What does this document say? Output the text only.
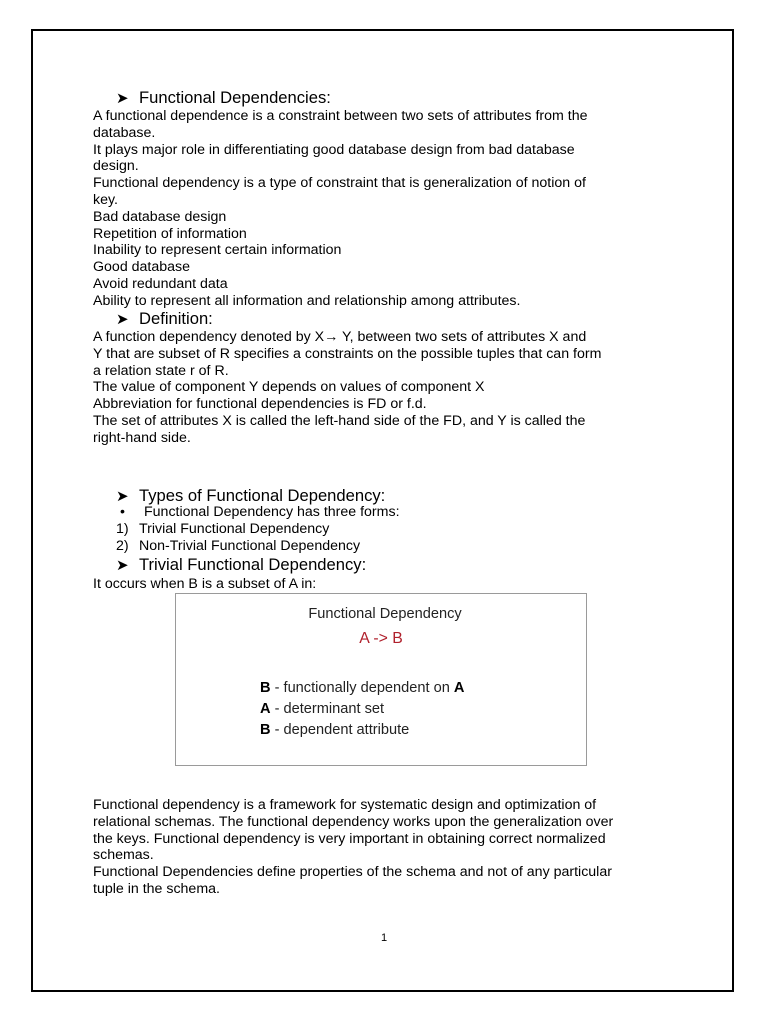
➤ Functional Dependencies:
A functional dependence is a constraint between two sets of attributes from the
database.
It plays major role in differentiating good database design from bad database
design.
Functional dependency is a type of constraint that is generalization of notion of
key.
Bad database design
Repetition of information
Inability to represent certain information
Good database
Avoid redundant data
Ability to represent all information and relationship among attributes.
➤ Definition:
A function dependency denoted by X→ Y, between two sets of attributes X and
Y that are subset of R specifies a constraints on the possible tuples that can form
a relation state r of R.
The value of component Y depends on values of component X
Abbreviation for functional dependencies is FD or f.d.
The set of attributes X is called the left-hand side of the FD, and Y is called the
right-hand side.
➤ Types of Functional Dependency:
• Functional Dependency has three forms:
1) Trivial Functional Dependency
2) Non-Trivial Functional Dependency
➤ Trivial Functional Dependency:
It occurs when B is a subset of A in:
Functional Dependency
A -> B
B - functionally dependent on A
A - determinant set
B - dependent attribute
Functional dependency is a framework for systematic design and optimization of
relational schemas. The functional dependency works upon the generalization over
the keys. Functional dependency is very important in obtaining correct normalized
schemas.
Functional Dependencies define properties of the schema and not of any particular
tuple in the schema.
1
